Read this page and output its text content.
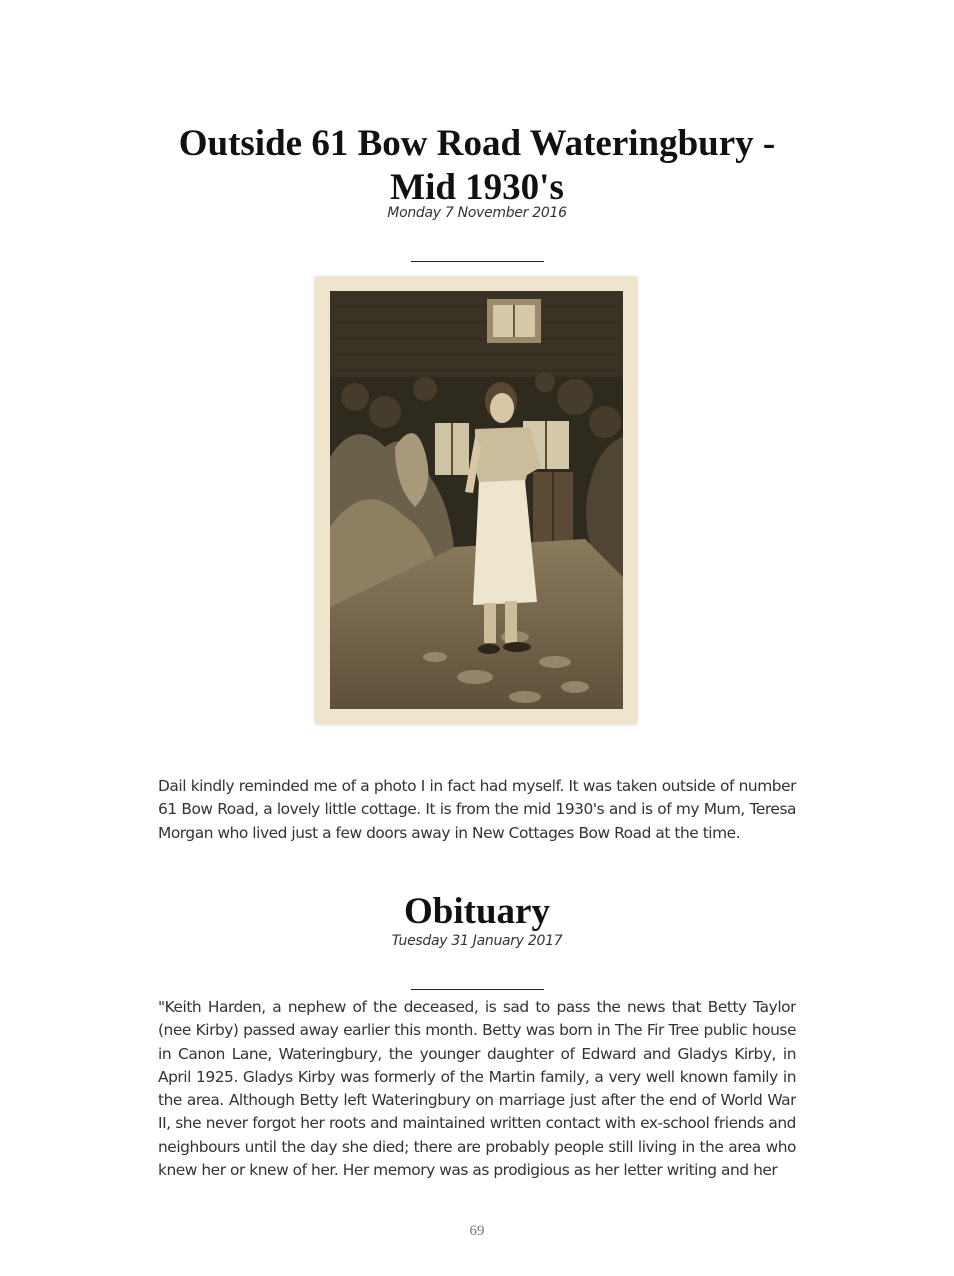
Outside 61 Bow Road Wateringbury - Mid 1930's
Monday 7 November 2016

Dail kindly reminded me of a photo I in fact had myself. It was taken outside of number 61 Bow Road, a lovely little cottage. It is from the mid 1930's and is of my Mum, Teresa Morgan who lived just a few doors away in New Cottages Bow Road at the time.

Obituary
Tuesday 31 January 2017

"Keith Harden, a nephew of the deceased, is sad to pass the news that Betty Taylor (nee Kirby) passed away earlier this month. Betty was born in The Fir Tree public house in Canon Lane, Wateringbury, the younger daughter of Edward and Gladys Kirby, in April 1925. Gladys Kirby was formerly of the Martin family, a very well known family in the area. Although Betty left Wateringbury on marriage just after the end of World War II, she never forgot her roots and maintained written contact with ex-school friends and neighbours until the day she died; there are probably people still living in the area who knew her or knew of her. Her memory was as prodigious as her letter writing and her

69
